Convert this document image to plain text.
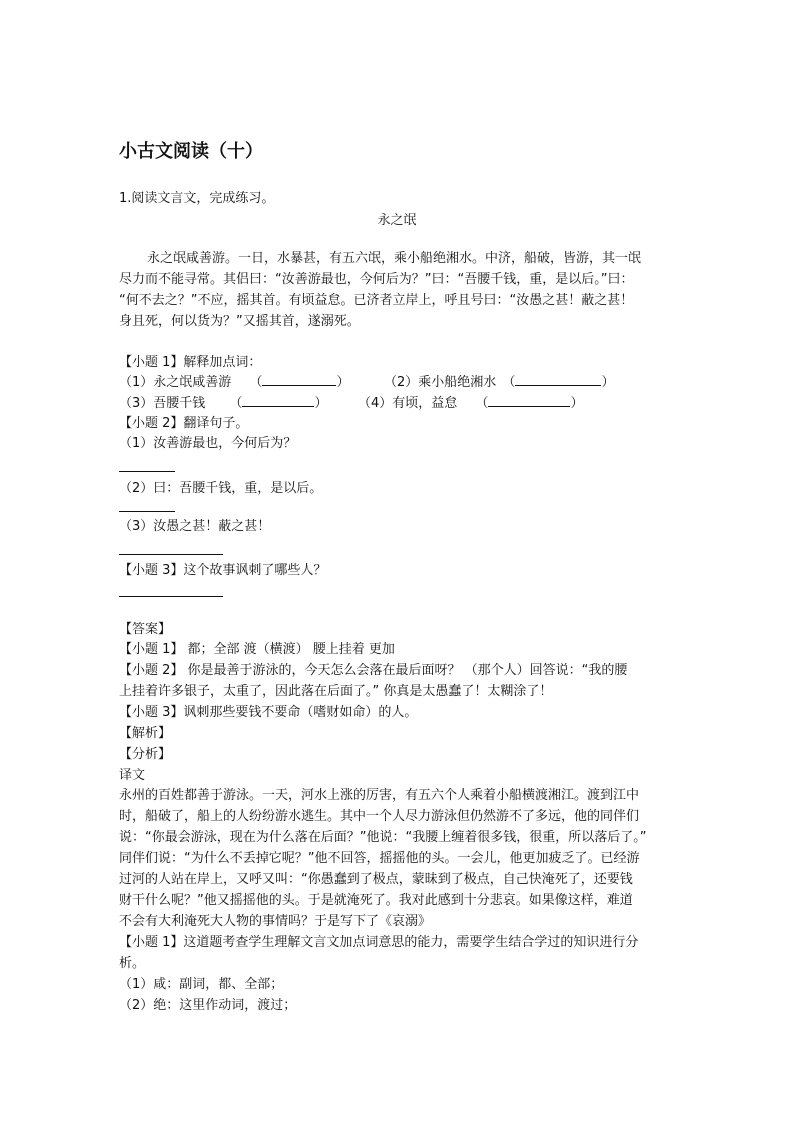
小古文阅读（十）
1.阅读文言文，完成练习。
永之氓
永之氓咸善游。一日，水暴甚，有五六氓，乘小船绝湘水。中济，船破，皆游，其一氓
尽力而不能寻常。其侣曰：“汝善游最也，今何后为？”曰：“吾腰千钱，重，是以后。”曰：
“何不去之？”不应，摇其首。有顷益怠。已济者立岸上，呼且号曰：“汝愚之甚！蔽之甚！
身且死，何以货为？”又摇其首，遂溺死。
【小题 1】解释加点词：
（1）永之氓咸善游 （	）	（2）乘小船绝湘水 （	）
（3）吾腰千钱 （	） （4）有顷，益怠 （	）
【小题 2】翻译句子。
（1）汝善游最也，今何后为？
（2）曰：吾腰千钱，重，是以后。
（3）汝愚之甚！蔽之甚！
【小题 3】这个故事讽刺了哪些人？
【答案】
【小题 1】 都；全部 渡（横渡） 腰上挂着 更加
【小题 2】 你是最善于游泳的，今天怎么会落在最后面呀？ （那个人）回答说：“我的腰
上挂着许多银子，太重了，因此落在后面了。” 你真是太愚蠢了！太糊涂了！
【小题 3】讽刺那些要钱不要命（嗜财如命）的人。
【解析】
【分析】
译文
永州的百姓都善于游泳。一天，河水上涨的厉害，有五六个人乘着小船横渡湘江。渡到江中
时，船破了，船上的人纷纷游水逃生。其中一个人尽力游泳但仍然游不了多远，他的同伴们
说：“你最会游泳，现在为什么落在后面？”他说：“我腰上缠着很多钱，很重，所以落后了。”
同伴们说：“为什么不丢掉它呢？”他不回答，摇摇他的头。一会儿，他更加疲乏了。已经游
过河的人站在岸上，又呼又叫：“你愚蠢到了极点，蒙昧到了极点，自己快淹死了，还要钱
财干什么呢？”他又摇摇他的头。于是就淹死了。我对此感到十分悲哀。如果像这样，难道
不会有大利淹死大人物的事情吗？于是写下了《哀溺》
【小题 1】这道题考查学生理解文言文加点词意思的能力，需要学生结合学过的知识进行分
析。
（1）咸：副词，都、全部；
（2）绝：这里作动词，渡过；
